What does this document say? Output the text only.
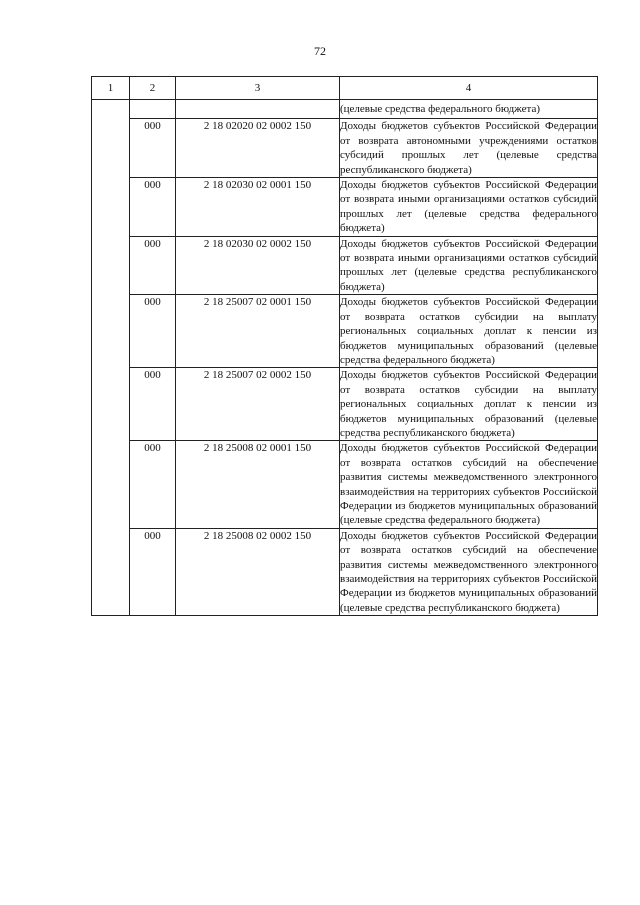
72
1	2	3	4
			(целевые средства федерального бюджета)
	000	2 18 02020 02 0002 150	Доходы бюджетов субъектов Российской Федерации от возврата автономными учреждениями остатков субсидий прошлых лет (целевые средства республиканского бюджета)
	000	2 18 02030 02 0001 150	Доходы бюджетов субъектов Российской Федерации от возврата иными организациями остатков субсидий прошлых лет (целевые средства федерального бюджета)
	000	2 18 02030 02 0002 150	Доходы бюджетов субъектов Российской Федерации от возврата иными организациями остатков субсидий прошлых лет (целевые средства республиканского бюджета)
	000	2 18 25007 02 0001 150	Доходы бюджетов субъектов Российской Федерации от возврата остатков субсидии на выплату региональных социальных доплат к пенсии из бюджетов муниципальных образований (целевые средства федерального бюджета)
	000	2 18 25007 02 0002 150	Доходы бюджетов субъектов Российской Федерации от возврата остатков субсидии на выплату региональных социальных доплат к пенсии из бюджетов муниципальных образований (целевые средства республиканского бюджета)
	000	2 18 25008 02 0001 150	Доходы бюджетов субъектов Российской Федерации от возврата остатков субсидий на обеспечение развития системы межведомственного электронного взаимодействия на территориях субъектов Российской Федерации из бюджетов муниципальных образований (целевые средства федерального бюджета)
	000	2 18 25008 02 0002 150	Доходы бюджетов субъектов Российской Федерации от возврата остатков субсидий на обеспечение развития системы межведомственного электронного взаимодействия на территориях субъектов Российской Федерации из бюджетов муниципальных образований (целевые средства республиканского бюджета)
